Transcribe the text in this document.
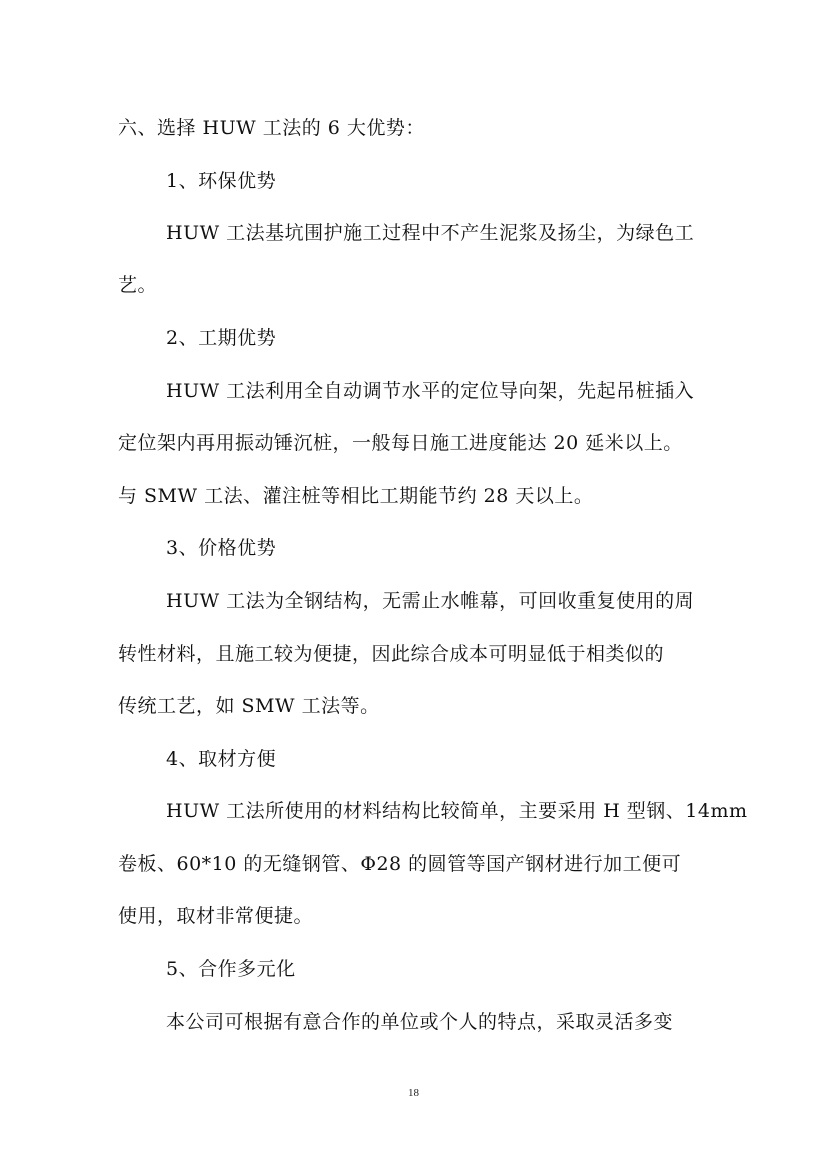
六、选择 HUW 工法的 6 大优势：
1、环保优势
HUW 工法基坑围护施工过程中不产生泥浆及扬尘，为绿色工
艺。
2、工期优势
HUW 工法利用全自动调节水平的定位导向架，先起吊桩插入
定位架内再用振动锤沉桩，一般每日施工进度能达 20 延米以上。
与 SMW 工法、灌注桩等相比工期能节约 28 天以上。
3、价格优势
HUW 工法为全钢结构，无需止水帷幕，可回收重复使用的周
转性材料，且施工较为便捷，因此综合成本可明显低于相类似的
传统工艺，如 SMW 工法等。
4、取材方便
HUW 工法所使用的材料结构比较简单，主要采用 H 型钢、14mm
卷板、60*10 的无缝钢管、Φ28 的圆管等国产钢材进行加工便可
使用，取材非常便捷。
5、合作多元化
本公司可根据有意合作的单位或个人的特点，采取灵活多变
18
